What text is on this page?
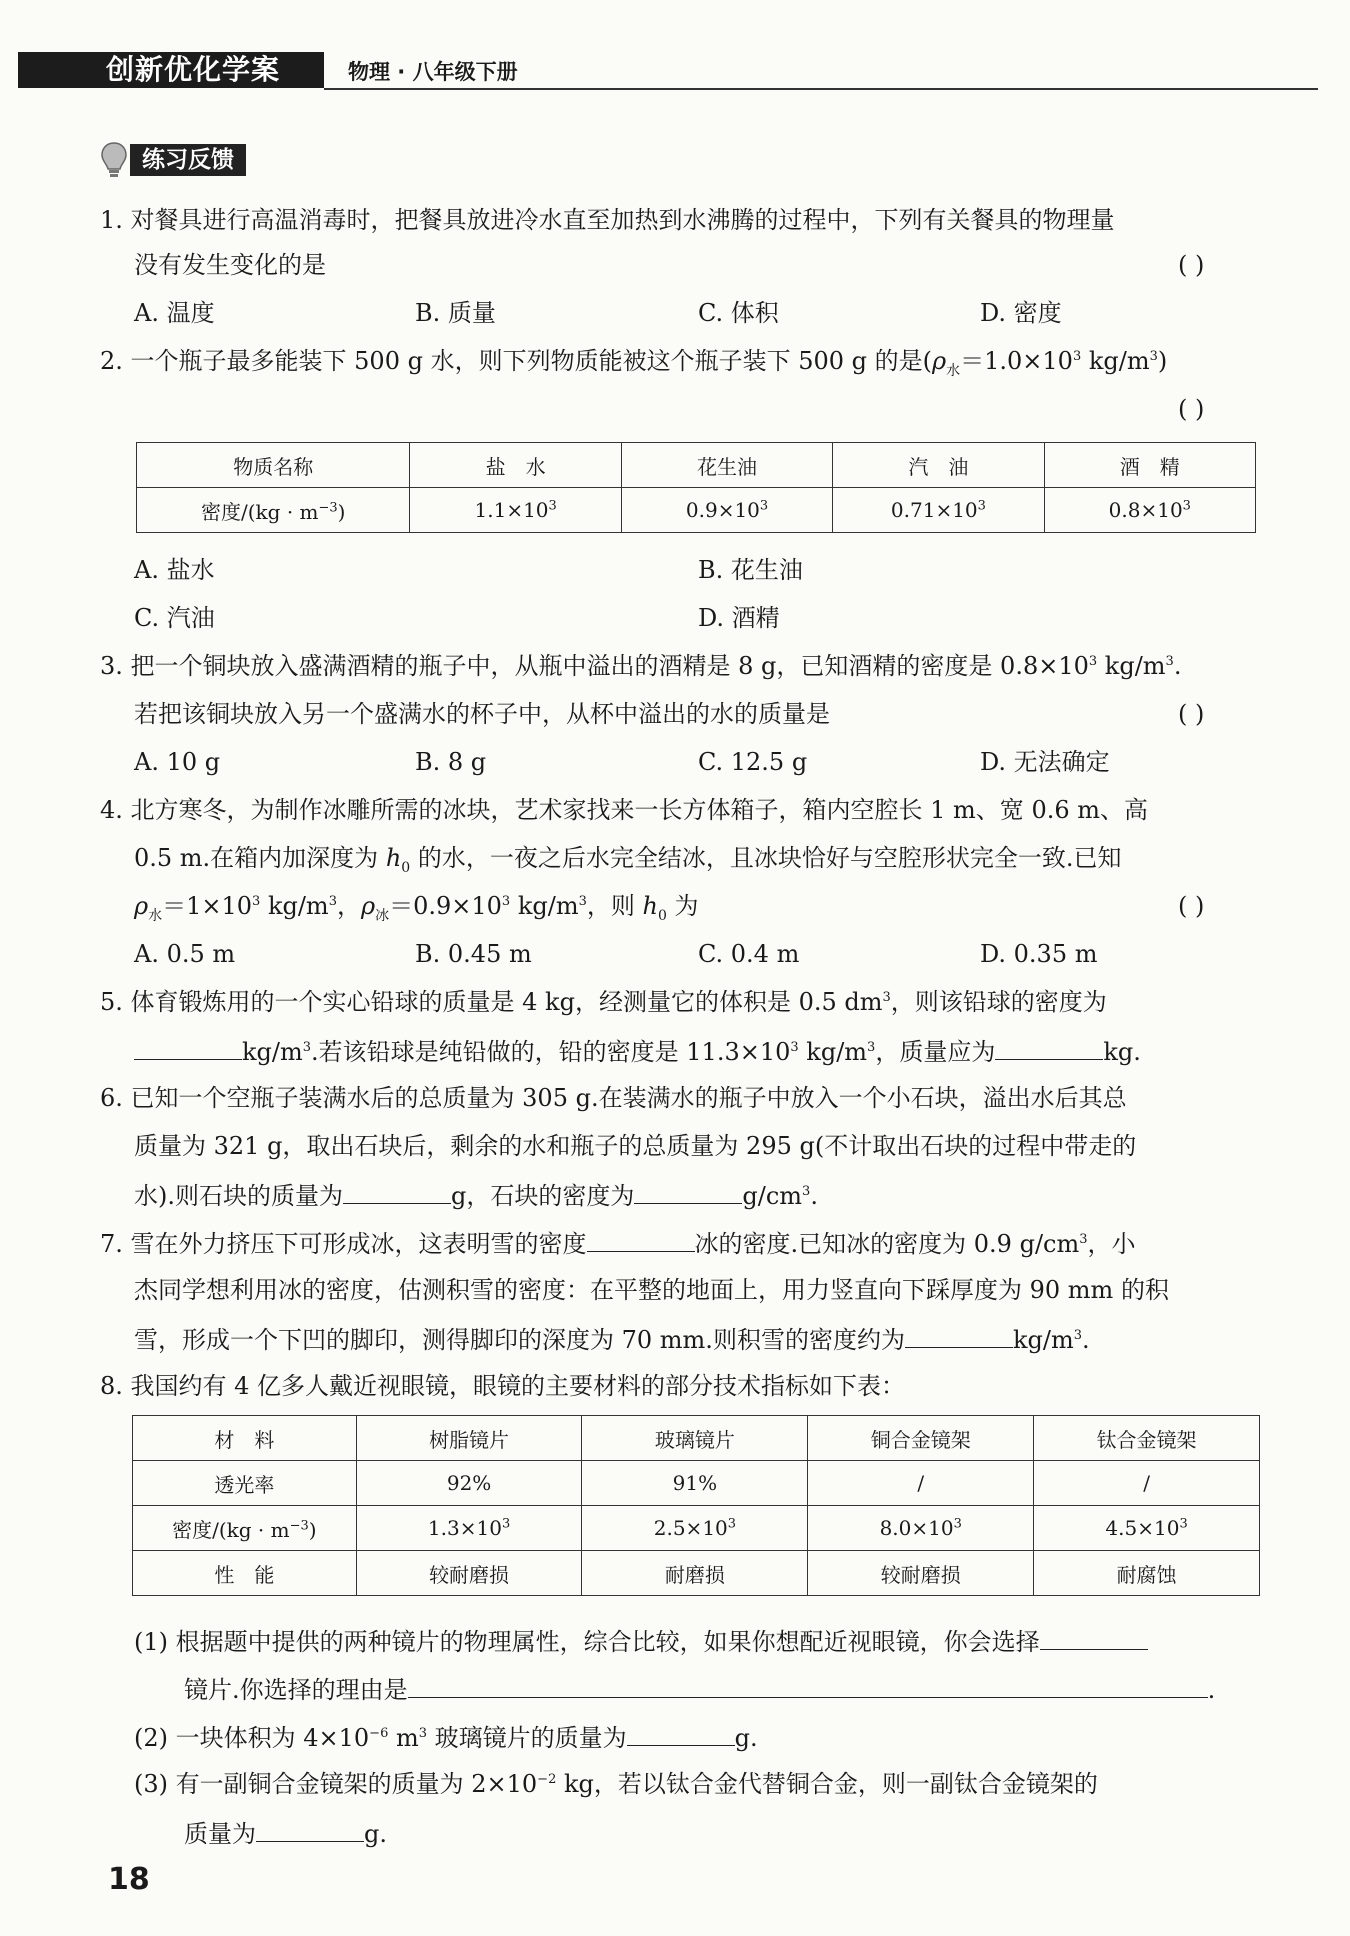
创新优化学案	物理 · 八年级下册
练习反馈
1. 对餐具进行高温消毒时，把餐具放进冷水直至加热到水沸腾的过程中，下列有关餐具的物理量
没有发生变化的是	( )
A. 温度	B. 质量	C. 体积	D. 密度
2. 一个瓶子最多能装下 500 g 水，则下列物质能被这个瓶子装下 500 g 的是($\rho_水=1.0\times 10^3$ $kg/m^3$)
( )
物质名称	盐　水	花生油	汽　油	酒　精
密度$/(kg \cdot m^{-3})$	$1.1\times 10^3$	$0.9\times 10^3$	$0.71\times 10^3$	$0.8\times 10^3$
A. 盐水	B. 花生油
C. 汽油	D. 酒精
3. 把一个铜块放入盛满酒精的瓶子中，从瓶中溢出的酒精是 8 g，已知酒精的密度是 $0.8\times 10^3$ $kg/m^3$.
若把该铜块放入另一个盛满水的杯子中，从杯中溢出的水的质量是	( )
A. 10 g	B. 8 g	C. 12.5 g	D. 无法确定
4. 北方寒冬，为制作冰雕所需的冰块，艺术家找来一长方体箱子，箱内空腔长 1 m、宽 0.6 m、高
0.5 m.在箱内加深度为 $h_0$ 的水，一夜之后水完全结冰，且冰块恰好与空腔形状完全一致.已知
$\rho_水=1\times 10^3$ $kg/m^3$，$\rho_冰=0.9\times 10^3$ $kg/m^3$，则 $h_0$ 为	( )
A. 0.5 m	B. 0.45 m	C. 0.4 m	D. 0.35 m
5. 体育锻炼用的一个实心铅球的质量是 4 kg，经测量它的体积是 0.5 $dm^3$，则该铅球的密度为
$kg/m^3$.若该铅球是纯铅做的，铅的密度是 $11.3\times 10^3$ $kg/m^3$，质量应为	kg.
6. 已知一个空瓶子装满水后的总质量为 305 g.在装满水的瓶子中放入一个小石块，溢出水后其总
质量为 321 g，取出石块后，剩余的水和瓶子的总质量为 295 g(不计取出石块的过程中带走的
水).则石块的质量为	g，石块的密度为	$g/cm^3$.
7. 雪在外力挤压下可形成冰，这表明雪的密度	冰的密度.已知冰的密度为 0.9 $g/cm^3$，小
杰同学想利用冰的密度，估测积雪的密度：在平整的地面上，用力竖直向下踩厚度为 90 mm 的积
雪，形成一个下凹的脚印，测得脚印的深度为 70 mm.则积雪的密度约为	$kg/m^3$.
8. 我国约有 4 亿多人戴近视眼镜，眼镜的主要材料的部分技术指标如下表：
材　料	树脂镜片	玻璃镜片	铜合金镜架	钛合金镜架
透光率	92%	91%	/	/
密度$/(kg \cdot m^{-3})$	$1.3\times 10^3$	$2.5\times 10^3$	$8.0\times 10^3$	$4.5\times 10^3$
性　能	较耐磨损	耐磨损	较耐磨损	耐腐蚀
(1) 根据题中提供的两种镜片的物理属性，综合比较，如果你想配近视眼镜，你会选择
镜片.你选择的理由是	.
(2) 一块体积为 $4\times 10^{-6}$ $m^3$ 玻璃镜片的质量为	g.
(3) 有一副铜合金镜架的质量为 $2\times 10^{-2}$ kg，若以钛合金代替铜合金，则一副钛合金镜架的
质量为	g.
18
